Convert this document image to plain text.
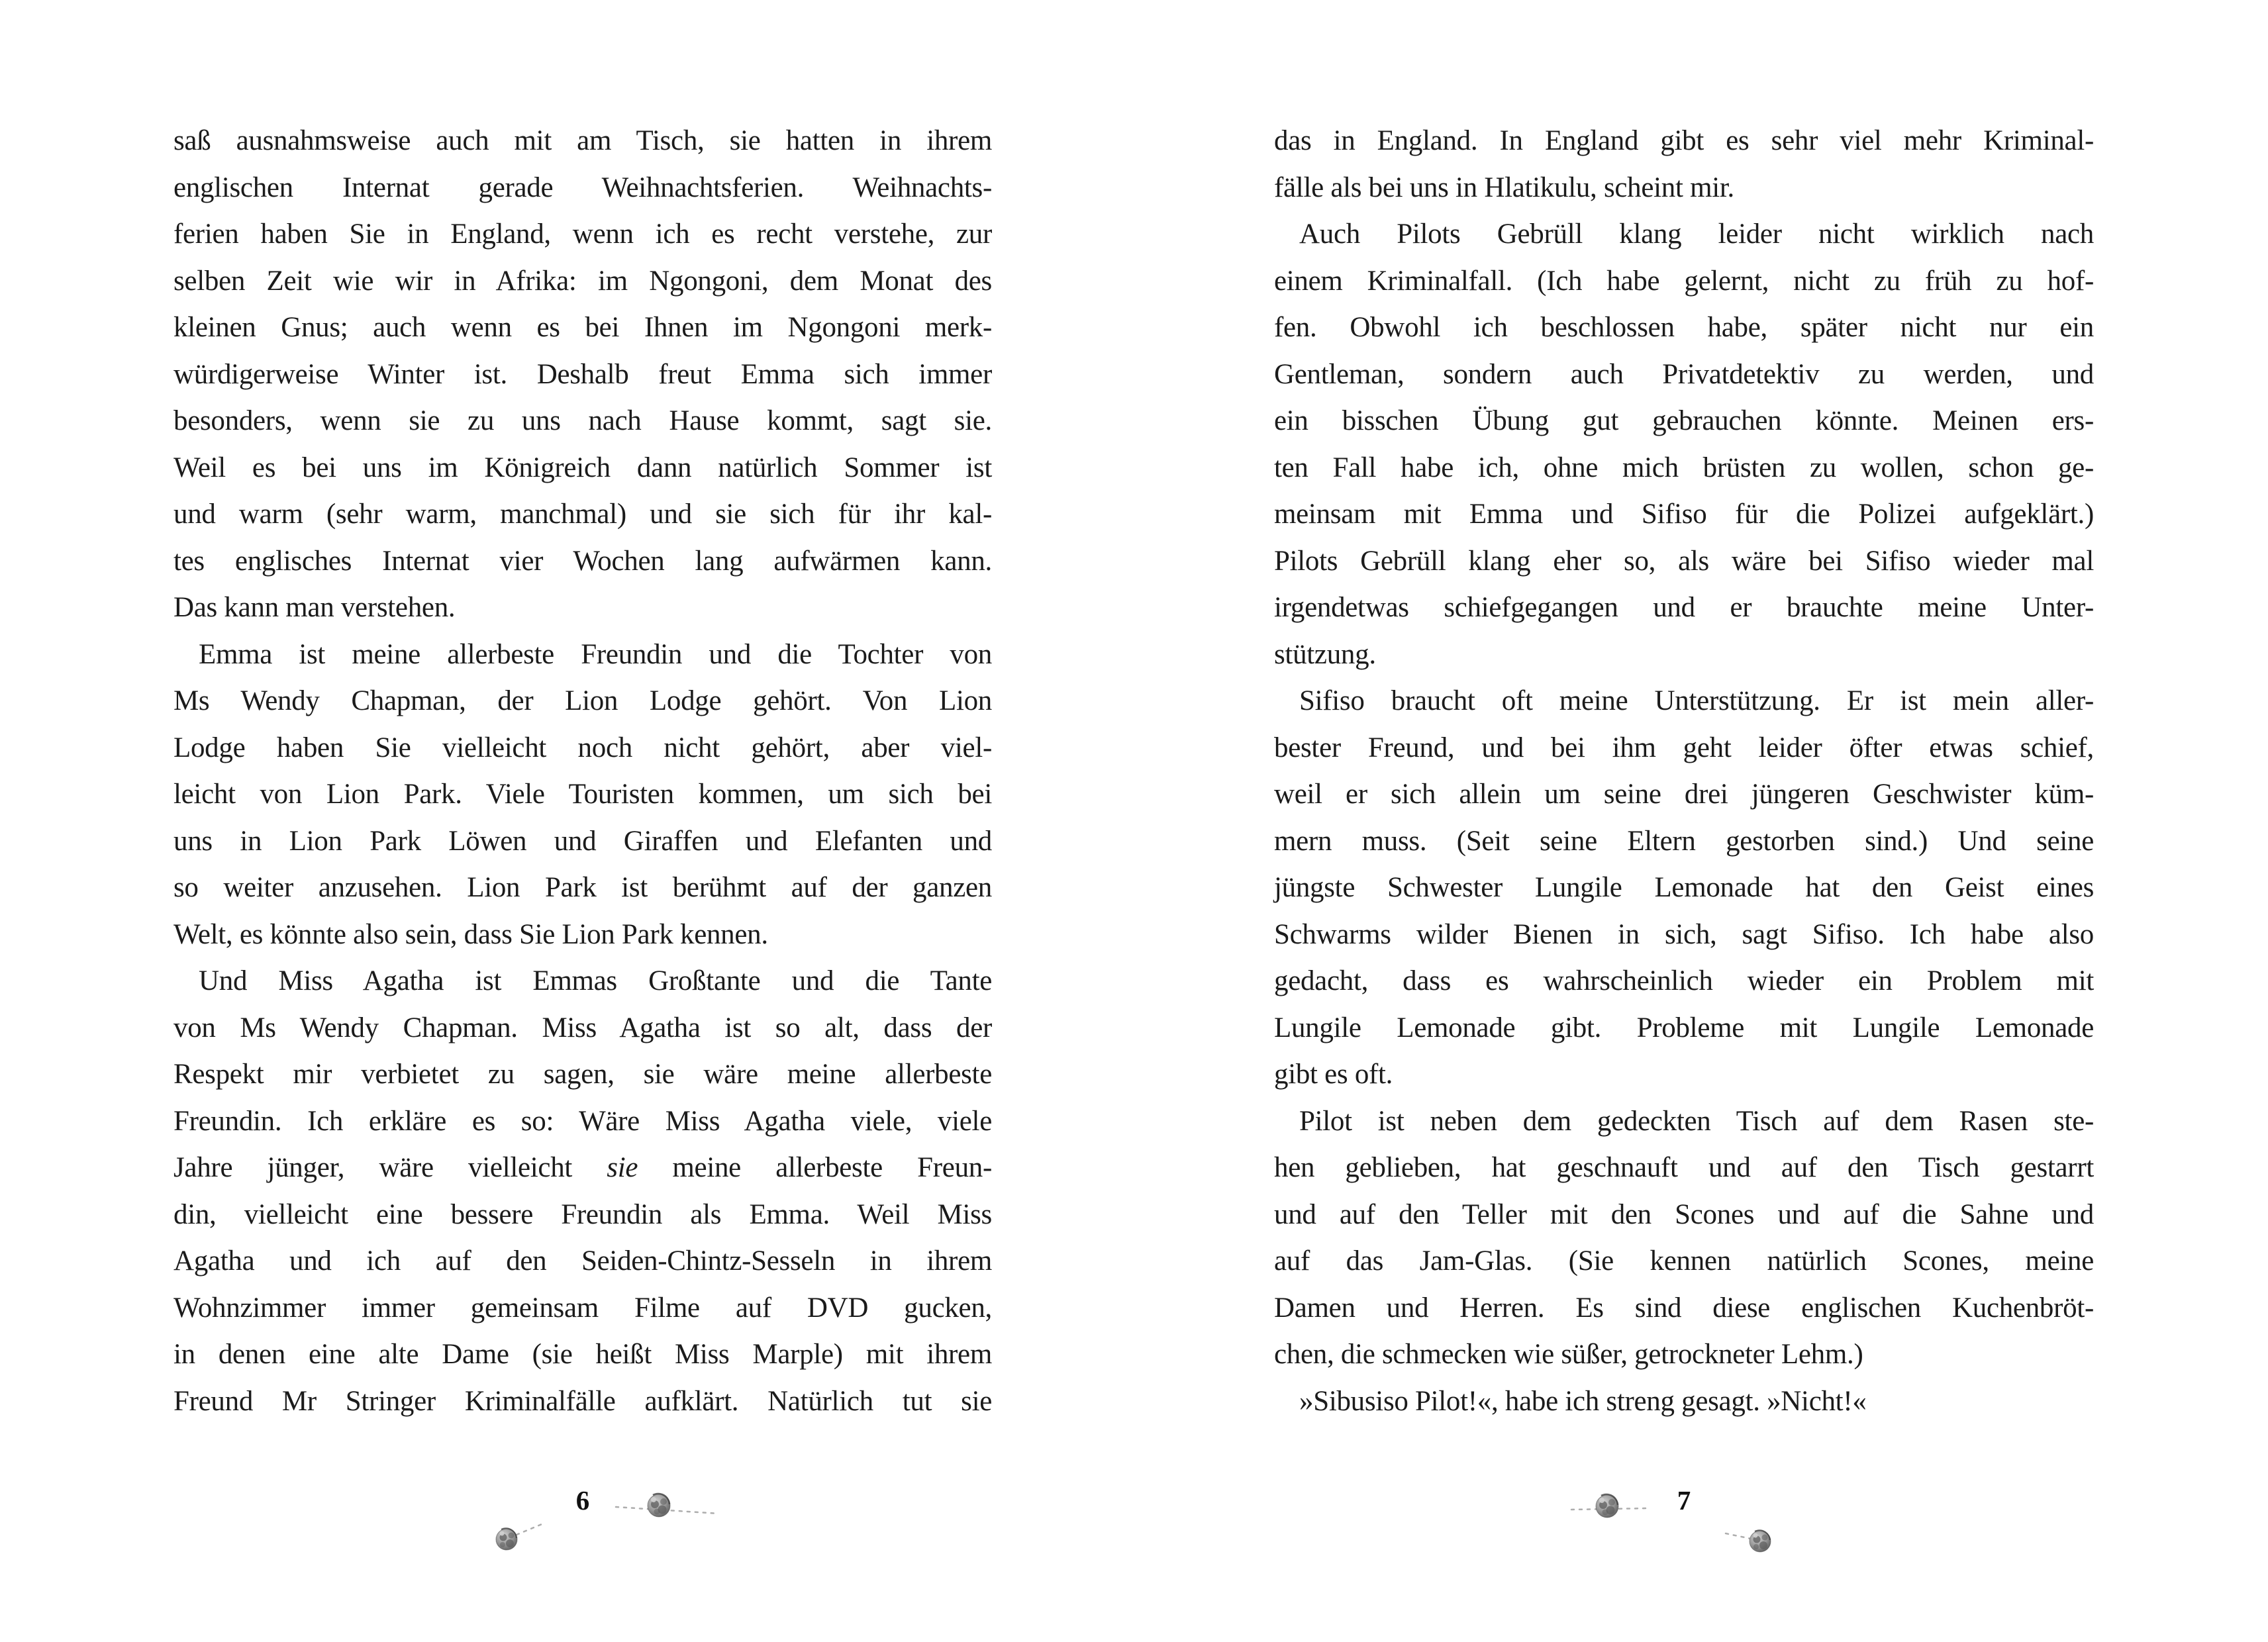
saß ausnahmsweise auch mit am Tisch, sie hatten in ihrem
englischen Internat gerade Weihnachtsferien. Weihnachts-
ferien haben Sie in England, wenn ich es recht verstehe, zur
selben Zeit wie wir in Afrika: im Ngongoni, dem Monat des
kleinen Gnus; auch wenn es bei Ihnen im Ngongoni merk-
würdigerweise Winter ist. Deshalb freut Emma sich immer
besonders, wenn sie zu uns nach Hause kommt, sagt sie.
Weil es bei uns im Königreich dann natürlich Sommer ist
und warm (sehr warm, manchmal) und sie sich für ihr kal-
tes englisches Internat vier Wochen lang aufwärmen kann.
Das kann man verstehen.
Emma ist meine allerbeste Freundin und die Tochter von
Ms Wendy Chapman, der Lion Lodge gehört. Von Lion
Lodge haben Sie vielleicht noch nicht gehört, aber viel-
leicht von Lion Park. Viele Touristen kommen, um sich bei
uns in Lion Park Löwen und Giraffen und Elefanten und
so weiter anzusehen. Lion Park ist berühmt auf der ganzen
Welt, es könnte also sein, dass Sie Lion Park kennen.
Und Miss Agatha ist Emmas Großtante und die Tante
von Ms Wendy Chapman. Miss Agatha ist so alt, dass der
Respekt mir verbietet zu sagen, sie wäre meine allerbeste
Freundin. Ich erkläre es so: Wäre Miss Agatha viele, viele
Jahre jünger, wäre vielleicht sie meine allerbeste Freun-
din, vielleicht eine bessere Freundin als Emma. Weil Miss
Agatha und ich auf den Seiden-Chintz-Sesseln in ihrem
Wohnzimmer immer gemeinsam Filme auf DVD gucken,
in denen eine alte Dame (sie heißt Miss Marple) mit ihrem
Freund Mr Stringer Kriminalfälle aufklärt. Natürlich tut sie
6
das in England. In England gibt es sehr viel mehr Kriminal-
fälle als bei uns in Hlatikulu, scheint mir.
Auch Pilots Gebrüll klang leider nicht wirklich nach
einem Kriminalfall. (Ich habe gelernt, nicht zu früh zu hof-
fen. Obwohl ich beschlossen habe, später nicht nur ein
Gentleman, sondern auch Privatdetektiv zu werden, und
ein bisschen Übung gut gebrauchen könnte. Meinen ers-
ten Fall habe ich, ohne mich brüsten zu wollen, schon ge-
meinsam mit Emma und Sifiso für die Polizei aufgeklärt.)
Pilots Gebrüll klang eher so, als wäre bei Sifiso wieder mal
irgendetwas schiefgegangen und er brauchte meine Unter-
stützung.
Sifiso braucht oft meine Unterstützung. Er ist mein aller-
bester Freund, und bei ihm geht leider öfter etwas schief,
weil er sich allein um seine drei jüngeren Geschwister küm-
mern muss. (Seit seine Eltern gestorben sind.) Und seine
jüngste Schwester Lungile Lemonade hat den Geist eines
Schwarms wilder Bienen in sich, sagt Sifiso. Ich habe also
gedacht, dass es wahrscheinlich wieder ein Problem mit
Lungile Lemonade gibt. Probleme mit Lungile Lemonade
gibt es oft.
Pilot ist neben dem gedeckten Tisch auf dem Rasen ste-
hen geblieben, hat geschnauft und auf den Tisch gestarrt
und auf den Teller mit den Scones und auf die Sahne und
auf das Jam-Glas. (Sie kennen natürlich Scones, meine
Damen und Herren. Es sind diese englischen Kuchenbröt-
chen, die schmecken wie süßer, getrockneter Lehm.)
»Sibusiso Pilot!«, habe ich streng gesagt. »Nicht!«
7
